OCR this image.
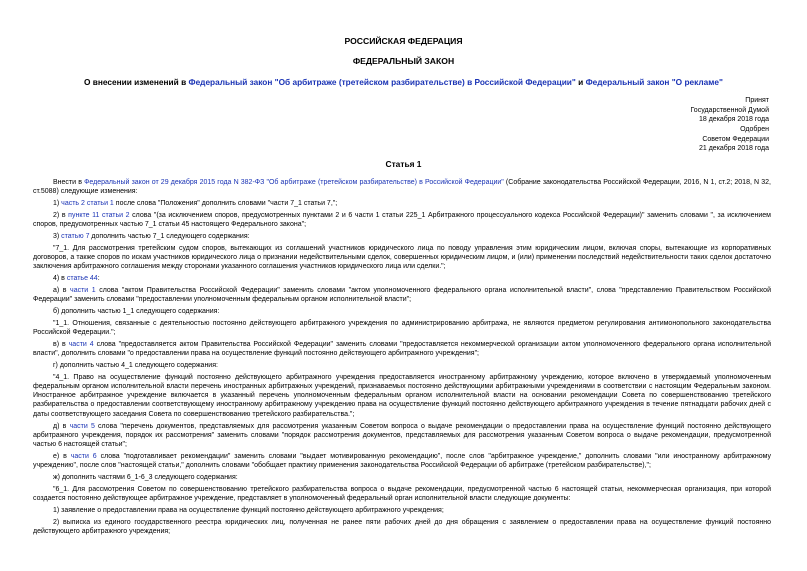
РОССИЙСКАЯ ФЕДЕРАЦИЯ
ФЕДЕРАЛЬНЫЙ ЗАКОН
О внесении изменений в Федеральный закон "Об арбитраже (третейском разбирательстве) в Российской Федерации" и Федеральный закон "О рекламе"
Принят
Государственной Думой
18 декабря 2018 года
Одобрен
Советом Федерации
21 декабря 2018 года
Статья 1

Внести в Федеральный закон от 29 декабря 2015 года N 382-ФЗ "Об арбитраже (третейском разбирательстве) в Российской Федерации" (Собрание законодательства Российской Федерации, 2016, N 1, ст.2; 2018, N 32, ст.5088) следующие изменения:

1) часть 2 статьи 1 после слова "Положения" дополнить словами "части 7_1 статьи 7,";

2) в пункте 11 статьи 2 слова "(за исключением споров, предусмотренных пунктами 2 и 6 части 1 статьи 225_1 Арбитражного процессуального кодекса Российской Федерации)" заменить словами ", за исключением споров, предусмотренных частью 7_1 статьи 45 настоящего Федерального закона";

3) статью 7 дополнить частью 7_1 следующего содержания:

"7_1. Для рассмотрения третейским судом споров, вытекающих из соглашений участников юридического лица по поводу управления этим юридическим лицом, включая споры, вытекающие из корпоративных договоров, а также споров по искам участников юридического лица о признании недействительными сделок, совершенных юридическим лицом, и (или) применении последствий недействительности таких сделок достаточно заключения арбитражного соглашения между сторонами указанного соглашения участников юридического лица или сделки.";

4) в статье 44:

а) в части 1 слова "актом Правительства Российской Федерации" заменить словами "актом уполномоченного федерального органа исполнительной власти", слова "представлению Правительством Российской Федерации" заменить словами "предоставлении уполномоченным федеральным органом исполнительной власти";

б) дополнить частью 1_1 следующего содержания:

"1_1. Отношения, связанные с деятельностью постоянно действующего арбитражного учреждения по администрированию арбитража, не являются предметом регулирования антимонопольного законодательства Российской Федерации.";

в) в части 4 слова "предоставляется актом Правительства Российской Федерации" заменить словами "предоставляется некоммерческой организации актом уполномоченного федерального органа исполнительной власти", дополнить словами "о предоставлении права на осуществление функций постоянно действующего арбитражного учреждения";

г) дополнить частью 4_1 следующего содержания:

"4_1. Право на осуществление функций постоянно действующего арбитражного учреждения предоставляется иностранному арбитражному учреждению, которое включено в утверждаемый уполномоченным федеральным органом исполнительной власти перечень иностранных арбитражных учреждений, признаваемых постоянно действующими арбитражными учреждениями в соответствии с настоящим Федеральным законом. Иностранное арбитражное учреждение включается в указанный перечень уполномоченным федеральным органом исполнительной власти на основании рекомендации Совета по совершенствованию третейского разбирательства о предоставлении соответствующему иностранному арбитражному учреждению права на осуществление функций постоянно действующего арбитражного учреждения в течение пятнадцати рабочих дней с даты соответствующего заседания Совета по совершенствованию третейского разбирательства.";

д) в части 5 слова "перечень документов, представляемых для рассмотрения указанным Советом вопроса о выдаче рекомендации о предоставлении права на осуществление функций постоянно действующего арбитражного учреждения, порядок их рассмотрения" заменить словами "порядок рассмотрения документов, представляемых для рассмотрения указанным Советом вопроса о выдаче рекомендации, предусмотренной частью 6 настоящей статьи";

е) в части 6 слова "подготавливает рекомендации" заменить словами "выдает мотивированную рекомендацию", после слов "арбитражное учреждение," дополнить словами "или иностранному арбитражному учреждению", после слов "настоящей статьи," дополнить словами "обобщает практику применения законодательства Российской Федерации об арбитраже (третейском разбирательстве),";

ж) дополнить частями 6_1-6_3 следующего содержания:

"6_1. Для рассмотрения Советом по совершенствованию третейского разбирательства вопроса о выдаче рекомендации, предусмотренной частью 6 настоящей статьи, некоммерческая организация, при которой создается постоянно действующее арбитражное учреждение, представляет в уполномоченный федеральный орган исполнительной власти следующие документы:

1) заявление о предоставлении права на осуществление функций постоянно действующего арбитражного учреждения;

2) выписка из единого государственного реестра юридических лиц, полученная не ранее пяти рабочих дней до дня обращения с заявлением о предоставлении права на осуществление функций постоянно действующего арбитражного учреждения;
